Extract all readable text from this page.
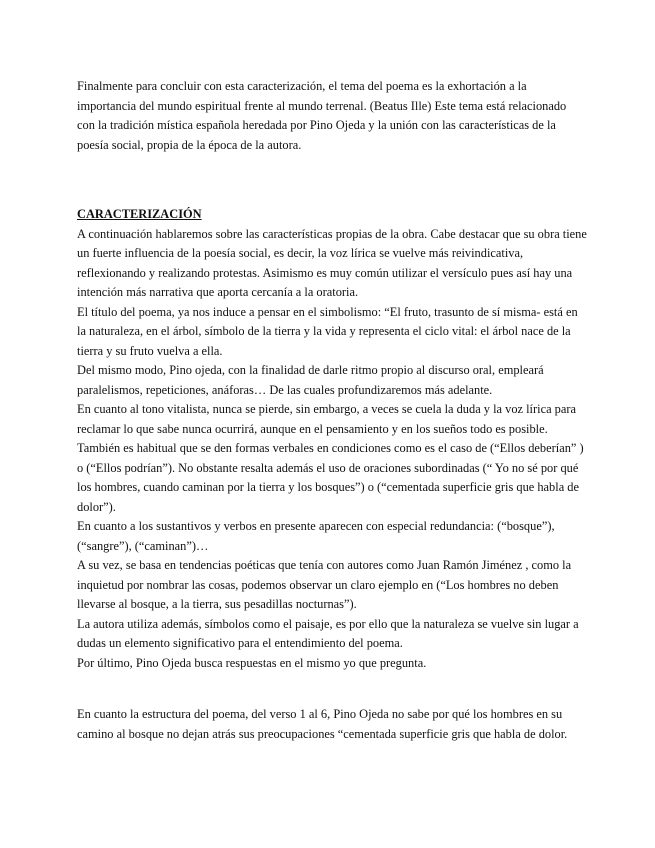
Finalmente para concluir con esta caracterización, el tema del poema es la exhortación a la importancia del mundo espiritual frente al mundo terrenal. (Beatus Ille) Este tema está relacionado con la tradición mística española heredada por Pino Ojeda y la unión con las características de la poesía social, propia de la época de la autora.

CARACTERIZACIÓN

A continuación hablaremos sobre las características propias de la obra. Cabe destacar que su obra tiene un fuerte influencia de la poesía social, es decir, la voz lírica se vuelve más reivindicativa, reflexionando y realizando protestas. Asimismo es muy común utilizar el versículo pues así hay una intención más narrativa que aporta cercanía a la oratoria.

El título del poema, ya nos induce a pensar en el simbolismo: “El fruto, trasunto de sí misma- está en la naturaleza, en el árbol, símbolo de la tierra y la vida y representa el ciclo vital: el árbol nace de la tierra y su fruto vuelva a ella.

Del mismo modo, Pino ojeda, con la finalidad de darle ritmo propio al discurso oral, empleará paralelismos, repeticiones, anáforas… De las cuales profundizaremos más adelante.

En cuanto al tono vitalista, nunca se pierde, sin embargo, a veces se cuela la duda y la voz lírica para reclamar lo que sabe nunca ocurrirá, aunque en el pensamiento y en los sueños todo es posible.

También es habitual que se den formas verbales en condiciones como es el caso de (“Ellos deberían” ) o (“Ellos podrían”). No obstante resalta además el uso de oraciones subordinadas (“ Yo no sé por qué los hombres, cuando caminan por la tierra y los bosques”) o (“cementada superficie gris que habla de dolor”).

En cuanto a los sustantivos y verbos en presente aparecen con especial redundancia: (“bosque”), (“sangre”), (“caminan”)…

A su vez, se basa en tendencias poéticas que tenía con autores como Juan Ramón Jiménez , como la inquietud por nombrar las cosas, podemos observar un claro ejemplo en (“Los hombres no deben llevarse al bosque, a la tierra, sus pesadillas nocturnas”).

La autora utiliza además, símbolos como el paisaje, es por ello que la naturaleza se vuelve sin lugar a dudas un elemento significativo para el entendimiento del poema.

Por último, Pino Ojeda busca respuestas en el mismo yo que pregunta.

En cuanto la estructura del poema, del verso 1 al 6, Pino Ojeda no sabe por qué los hombres en su camino al bosque no dejan atrás sus preocupaciones “cementada superficie gris que habla de dolor.
